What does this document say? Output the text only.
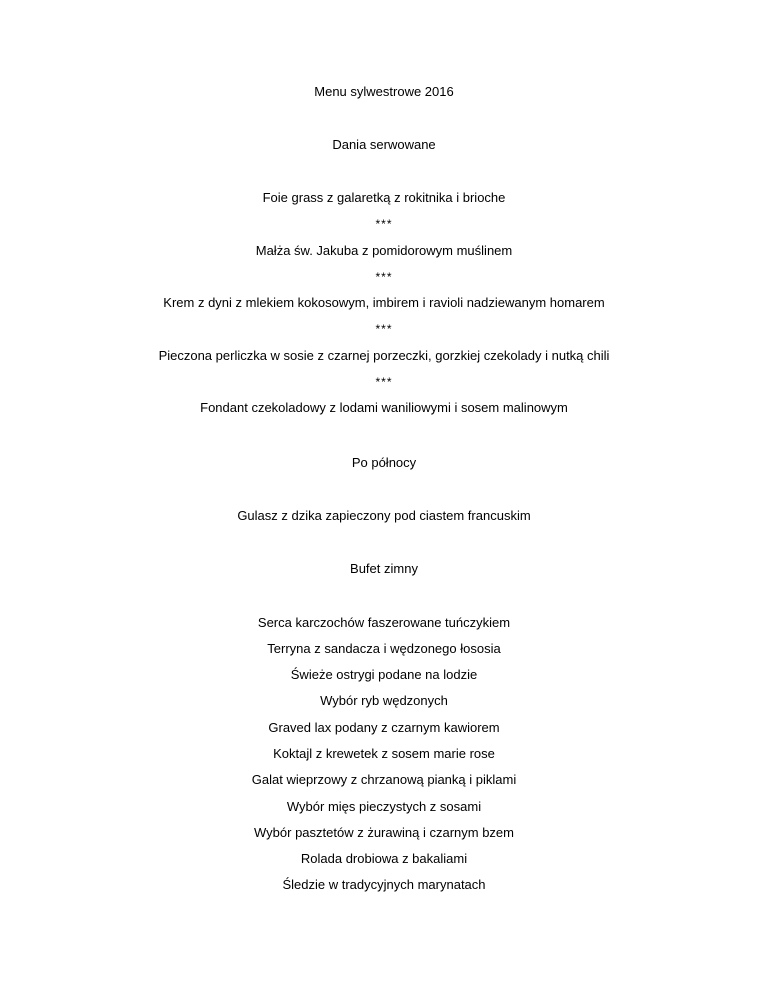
Menu sylwestrowe 2016
Dania serwowane
Foie grass z galaretką z rokitnika i brioche
***
Małża św. Jakuba z pomidorowym muślinem
***
Krem z dyni z mlekiem kokosowym, imbirem i ravioli nadziewanym homarem
***
Pieczona perliczka w sosie z czarnej porzeczki, gorzkiej czekolady i nutką chili
***
Fondant czekoladowy z lodami waniliowymi i sosem malinowym
Po północy
Gulasz z dzika zapieczony pod ciastem francuskim
Bufet zimny
Serca karczochów faszerowane tuńczykiem
Terryna z sandacza i wędzonego łososia
Świeże ostrygi podane na lodzie
Wybór ryb wędzonych
Graved lax podany z czarnym kawiorem
Koktajl z krewetek z sosem marie rose
Galat wieprzowy z chrzanową pianką i piklami
Wybór mięs pieczystych z sosami
Wybór pasztetów z żurawiną i czarnym bzem
Rolada drobiowa z bakaliami
Śledzie w tradycyjnych marynatach
